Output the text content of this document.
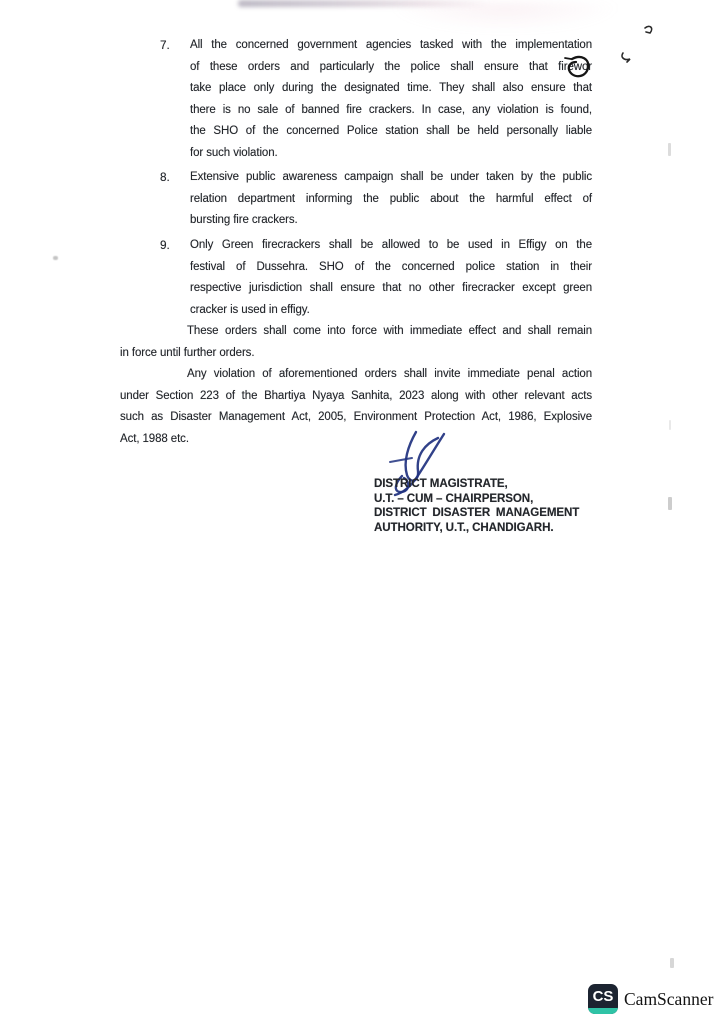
7.	All the concerned government agencies tasked with the implementation
of these orders and particularly the police shall ensure that firewor
take place only during the designated time. They shall also ensure that
there is no sale of banned fire crackers. In case, any violation is found,
the SHO of the concerned Police station shall be held personally liable
for such violation.
8.	Extensive public awareness campaign shall be under taken by the public
relation department informing the public about the harmful effect of
bursting fire crackers.
9.	Only Green firecrackers shall be allowed to be used in Effigy on the
festival of Dussehra. SHO of the concerned police station in their
respective jurisdiction shall ensure that no other firecracker except green
cracker is used in effigy.
These orders shall come into force with immediate effect and shall remain
in force until further orders.
Any violation of aforementioned orders shall invite immediate penal action
under Section 223 of the Bhartiya Nyaya Sanhita, 2023 along with other relevant acts
such as Disaster Management Act, 2005, Environment Protection Act, 1986, Explosive
Act, 1988 etc.
DISTRICT MAGISTRATE,
U.T. – CUM – CHAIRPERSON,
DISTRICT DISASTER MANAGEMENT
AUTHORITY, U.T., CHANDIGARH.
CS CamScanner
